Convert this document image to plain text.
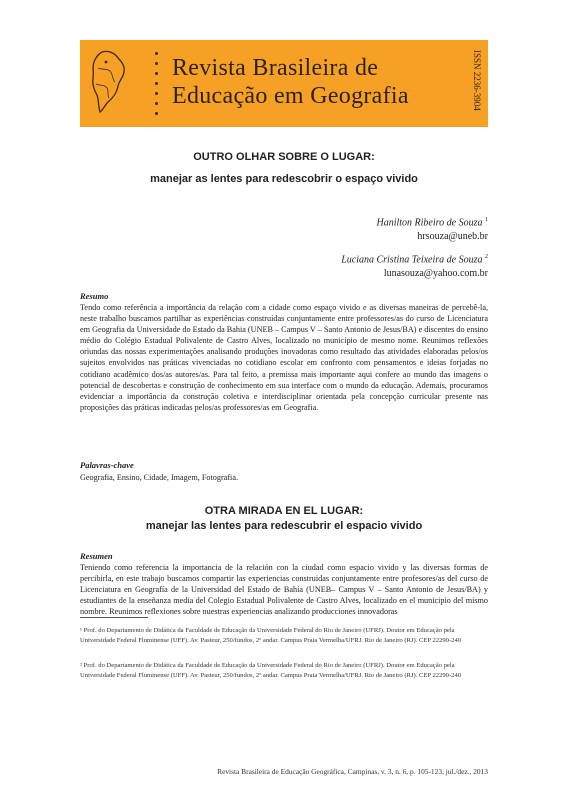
Revista Brasileira de
Educação em Geografia	ISSN 2236-3904
OUTRO OLHAR SOBRE O LUGAR:
manejar as lentes para redescobrir o espaço vivido
Hanilton Ribeiro de Souza $^1$
hrsouza@uneb.br
Luciana Cristina Teixeira de Souza $^2$
lunasouza@yahoo.com.br
Resumo

Tendo como referência a importância da relação com a cidade como espaço vivido e as diversas maneiras de percebê-la, neste trabalho buscamos partilhar as experiências construídas conjuntamente entre professores/as do curso de Licenciatura em Geografia da Universidade do Estado da Bahia (UNEB – Campus V – Santo Antonio de Jesus/BA) e discentes do ensino médio do Colégio Estadual Polivalente de Castro Alves, localizado no município de mesmo nome. Reunimos reflexões oriundas das nossas experimentações analisando produções inovadoras como resultado das atividades elaboradas pelos/os sujeitos envolvidos nas práticas vivenciadas no cotidiano escolar em confronto com pensamentos e ideias forjadas no cotidiano acadêmico dos/as autores/as. Para tal feito, a premissa mais importante aqui confere ao mundo das imagens o potencial de descobertas e construção de conhecimento em sua interface com o mundo da educação. Ademais, procuramos evidenciar a importância da construção coletiva e interdisciplinar orientada pela concepção curricular presente nas proposições das práticas indicadas pelos/as professores/as em Geografia.

Palavras-chave

Geografia, Ensino, Cidade, Imagem, Fotografia.

OTRA MIRADA EN EL LUGAR:
manejar las lentes para redescubrir el espacio vivido
Resumen

Teniendo como referencia la importancia de la relación con la ciudad como espacio vivido y las diversas formas de percibirla, en este trabajo buscamos compartir las experiencias construidas conjuntamente entre profesores/as del curso de Licenciatura en Geografía de la Universidad del Estado de Bahía (UNEB– Campus V – Santo Antonio de Jesus/BA) y estudiantes de la enseñanza media del Colegio Estadual Polivalente de Castro Alves, localizado en el municipio del mismo nombre. Reunimos reflexiones sobre nuestras experiencias analizando producciones innovadoras

¹ Prof. do Departamento de Didática da Faculdade de Educação da Universidade Federal do Rio de Janeiro (UFRJ). Doutor em Educação pela Universidade Federal Fluminense (UFF). Av. Pasteur, 250/fundos, 2º andar. Campus Praia Vermelha/UFRJ. Rio de Janeiro (RJ). CEP 22290-240

² Prof. do Departamento de Didática da Faculdade de Educação da Universidade Federal do Rio de Janeiro (UFRJ). Doutor em Educação pela Universidade Federal Fluminense (UFF). Av. Pasteur, 250/fundos, 2º andar. Campus Praia Vermelha/UFRJ. Rio de Janeiro (RJ). CEP 22290-240

Revista Brasileira de Educação Geográfica, Campinas, v. 3, n. 6, p. 105-123, jul./dez., 2013
